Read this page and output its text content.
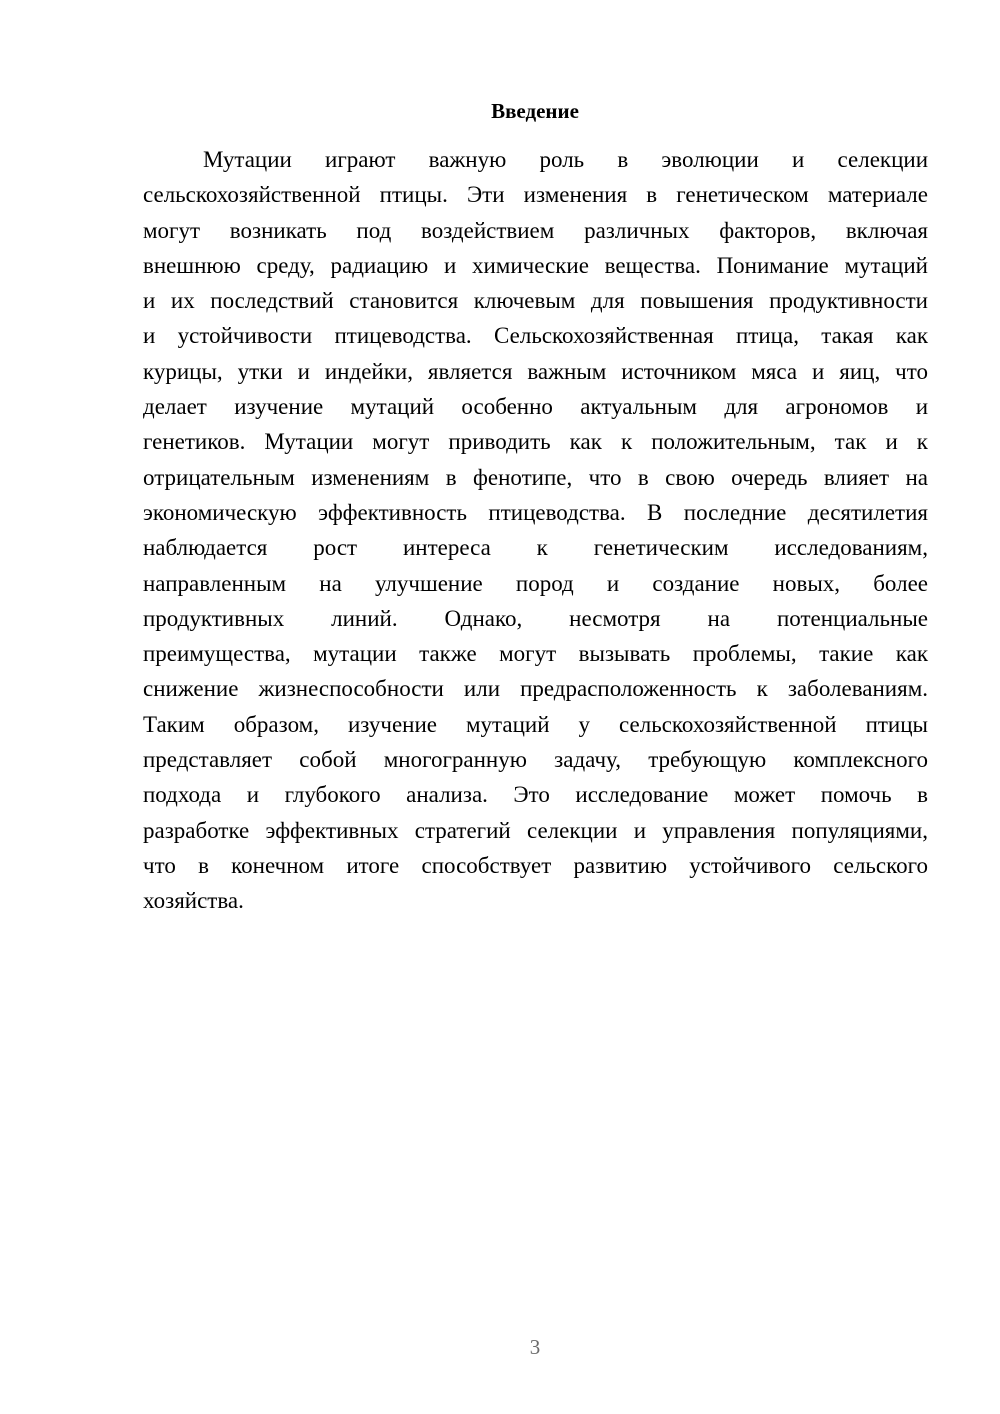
Введение
Мутации играют важную роль в эволюции и селекции
сельскохозяйственной птицы. Эти изменения в генетическом материале
могут возникать под воздействием различных факторов, включая
внешнюю среду, радиацию и химические вещества. Понимание мутаций
и их последствий становится ключевым для повышения продуктивности
и устойчивости птицеводства. Сельскохозяйственная птица, такая как
курицы, утки и индейки, является важным источником мяса и яиц, что
делает изучение мутаций особенно актуальным для агрономов и
генетиков. Мутации могут приводить как к положительным, так и к
отрицательным изменениям в фенотипе, что в свою очередь влияет на
экономическую эффективность птицеводства. В последние десятилетия
наблюдается рост интереса к генетическим исследованиям,
направленным на улучшение пород и создание новых, более
продуктивных линий. Однако, несмотря на потенциальные
преимущества, мутации также могут вызывать проблемы, такие как
снижение жизнеспособности или предрасположенность к заболеваниям.
Таким образом, изучение мутаций у сельскохозяйственной птицы
представляет собой многогранную задачу, требующую комплексного
подхода и глубокого анализа. Это исследование может помочь в
разработке эффективных стратегий селекции и управления популяциями,
что в конечном итоге способствует развитию устойчивого сельского
хозяйства.
3
